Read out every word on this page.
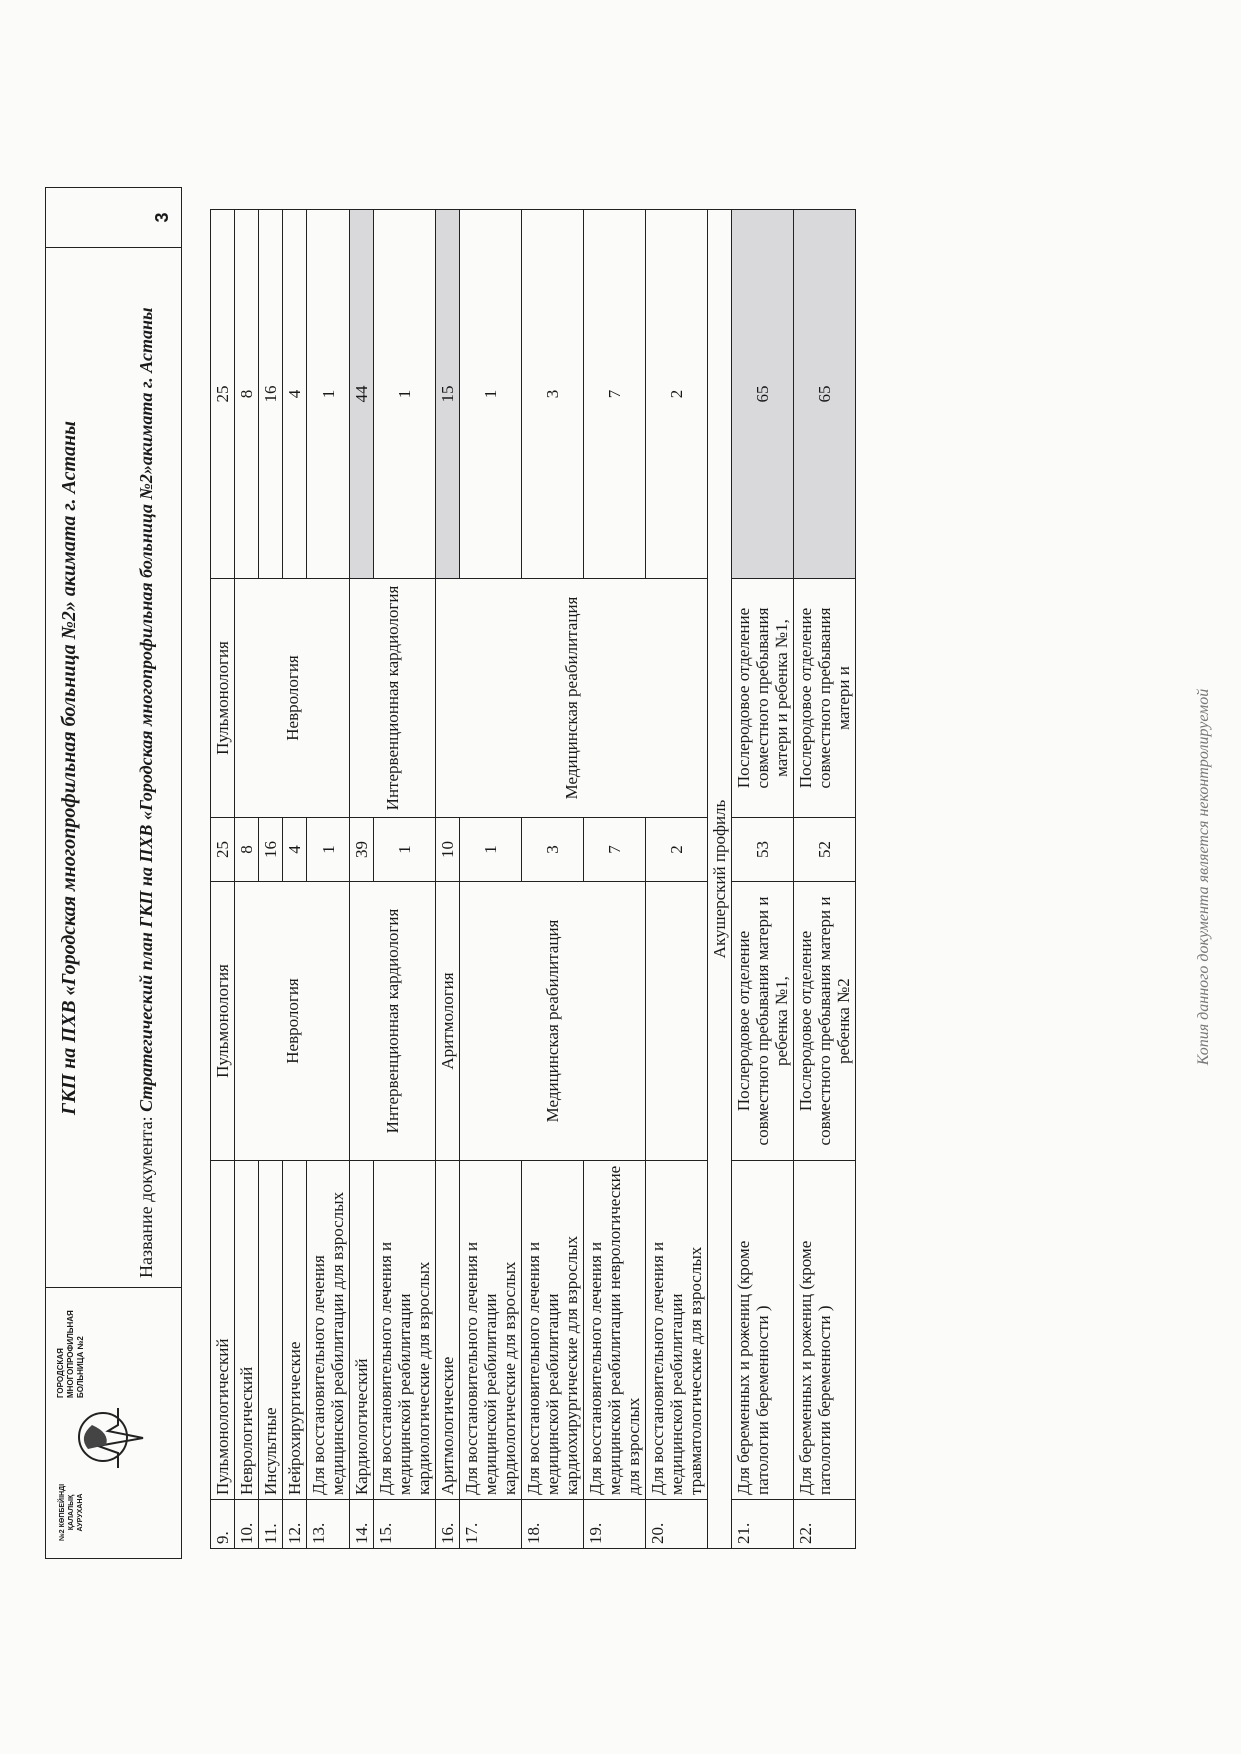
№2 КӨПБЕЙІНДІ ҚАЛАЛЫҚ АУРУХАНА
ГОРОДСКАЯ МНОГОПРОФИЛЬНАЯ БОЛЬНИЦА №2
ГКП на ПХВ «Городская многопрофильная больница №2» акимата г. Астаны
Название документа: Стратегический план ГКП на ПХВ «Городская многопрофильная больница №2»акимата г. Астаны
3
9.	Пульмонологический	Пульмонология	25	Пульмонология	25
10.	Неврологический	Неврология	8	Неврология	8
11.	Инсультные		16		16
12.	Нейрохирургические		4		4
13.	Для восстановительного лечения медицинской реабилитации для взрослых		1		1
14.	Кардиологический	Интервенционная кардиология	39	Интервенционная кардиология	44
15.	Для восстановительного лечения и медицинской реабилитации кардиологические для взрослых		1		1
16.	Аритмологические	Аритмология	10	Медицинская реабилитация	15
17.	Для восстановительного лечения и медицинской реабилитации кардиологические для взрослых	Медицинская реабилитация	1		1
18.	Для восстановительного лечения и медицинской реабилитации кардиохирургические для взрослых		3		3
19.	Для восстановительного лечения и медицинской реабилитации неврологические для взрослых		7		7
20.	Для восстановительного лечения и медицинской реабилитации травматологические для взрослых		2		2
Акушерский профиль					
21.	Для беременных и рожениц (кроме патологии беременности )	Послеродовое отделение совместного пребывания матери и ребенка №1,	53	Послеродовое отделение совместного пребывания матери и ребенка №1,	65
22.	Для беременных и рожениц (кроме патологии беременности )	Послеродовое отделение совместного пребывания матери и ребенка №2	52	Послеродовое отделение совместного пребывания матери и	65
Копия данного документа является неконтролируемой
